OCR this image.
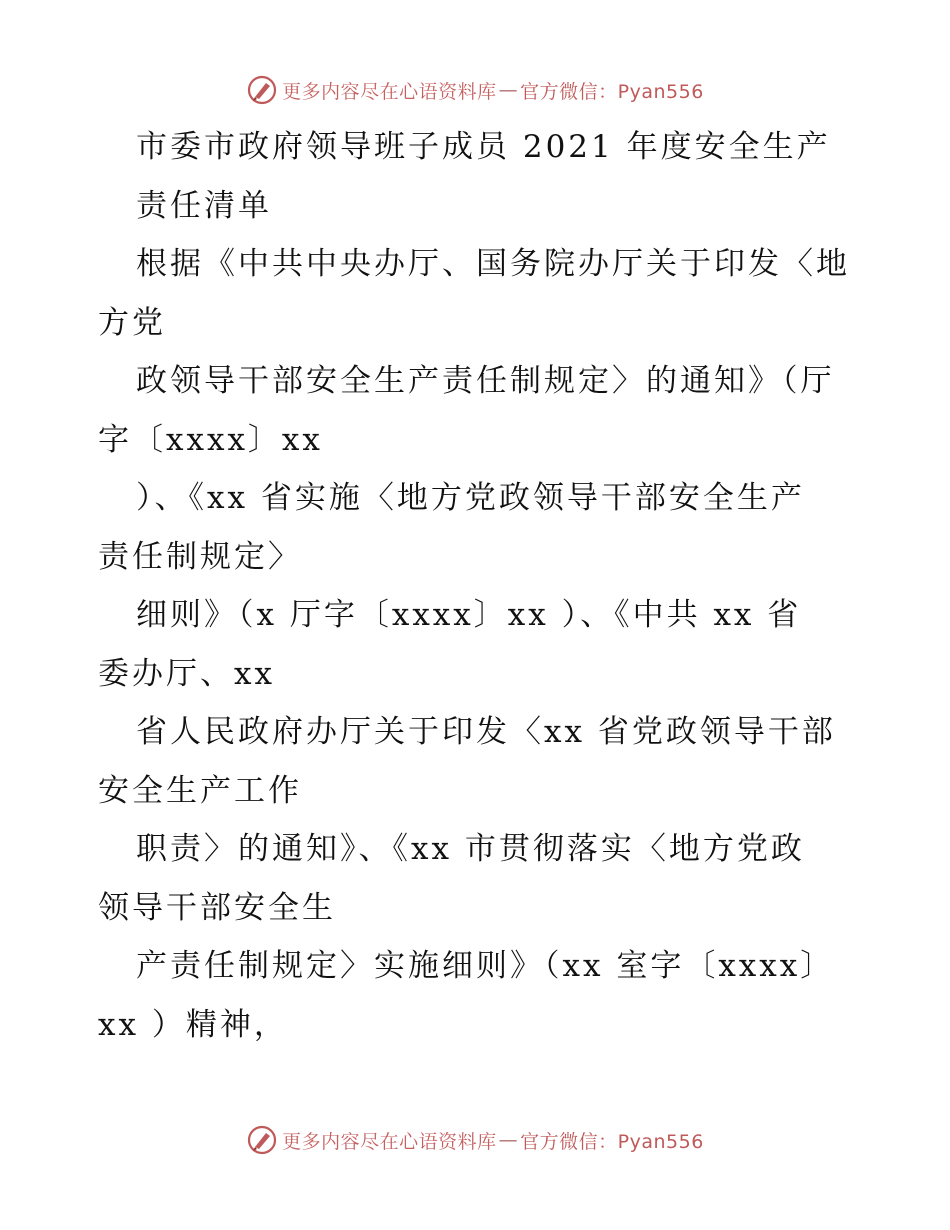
更多内容尽在心语资料库 — 官方微信：Pyan556
市委市政府领导班子成员 2021 年度安全生产
责任清单
根据《中共中央办厅、国务院办厅关于印发〈地
方党
政领导干部安全生产责任制规定〉的通知》（厅
字〔xxxx〕xx
）、《xx 省实施〈地方党政领导干部安全生产
责任制规定〉
细则》（x 厅字〔xxxx〕xx ）、《中共 xx 省
委办厅、xx
省人民政府办厅关于印发〈xx 省党政领导干部
安全生产工作
职责〉的通知》、《xx 市贯彻落实〈地方党政
领导干部安全生
产责任制规定〉实施细则》（xx 室字〔xxxx〕
xx ）精神，
更多内容尽在心语资料库 — 官方微信：Pyan556
